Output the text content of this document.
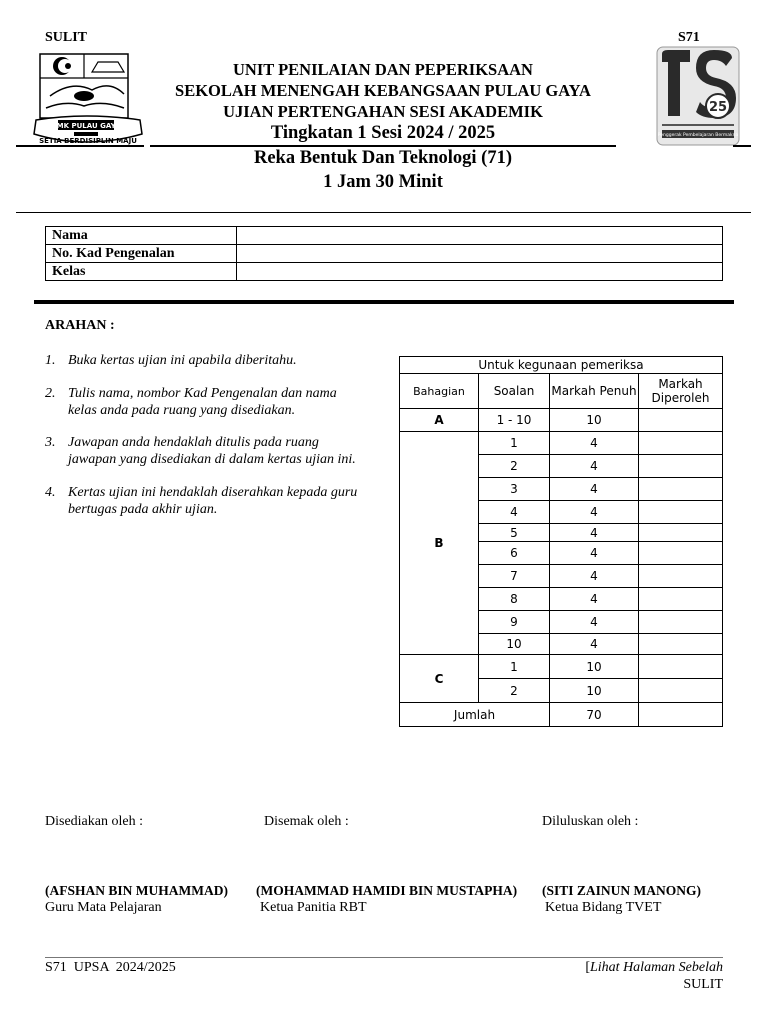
SULIT	S71
SMK PULAU GAYA
SETIA BERDISIPLIN MAJU
25
Penggerak Pembelajaran Bermakna
UNIT PENILAIAN DAN PEPERIKSAAN
SEKOLAH MENENGAH KEBANGSAAN PULAU GAYA
UJIAN PERTENGAHAN SESI AKADEMIK
Tingkatan 1 Sesi 2024 / 2025
Reka Bentuk Dan Teknologi (71)
1 Jam 30 Minit
Nama	
No. Kad Pengenalan	
Kelas	
ARAHAN :
1. Buka kertas ujian ini apabila diberitahu.
2. Tulis nama, nombor Kad Pengenalan dan nama kelas anda pada ruang yang disediakan.
3. Jawapan anda hendaklah ditulis pada ruang jawapan yang disediakan di dalam kertas ujian ini.
4. Kertas ujian ini hendaklah diserahkan kepada guru bertugas pada akhir ujian.
Untuk kegunaan pemeriksa			
Bahagian	Soalan	Markah Penuh	Markah Diperoleh
A	1 - 10	10	
B	1	4	
	2	4	
	3	4	
	4	4	
	5	4	
	6	4	
	7	4	
	8	4	
	9	4	
	10	4	
C	1	10	
	2	10	
Jumlah		70	
Disediakan oleh :	Disemak oleh :	Diluluskan oleh :
(AFSHAN BIN MUHAMMAD) (MOHAMMAD HAMIDI BIN MUSTAPHA) (SITI ZAINUN MANONG)
Guru Mata Pelajaran	Ketua Panitia RBT	Ketua Bidang TVET
S71  UPSA  2024/2025	[Lihat Halaman Sebelah
SULIT
